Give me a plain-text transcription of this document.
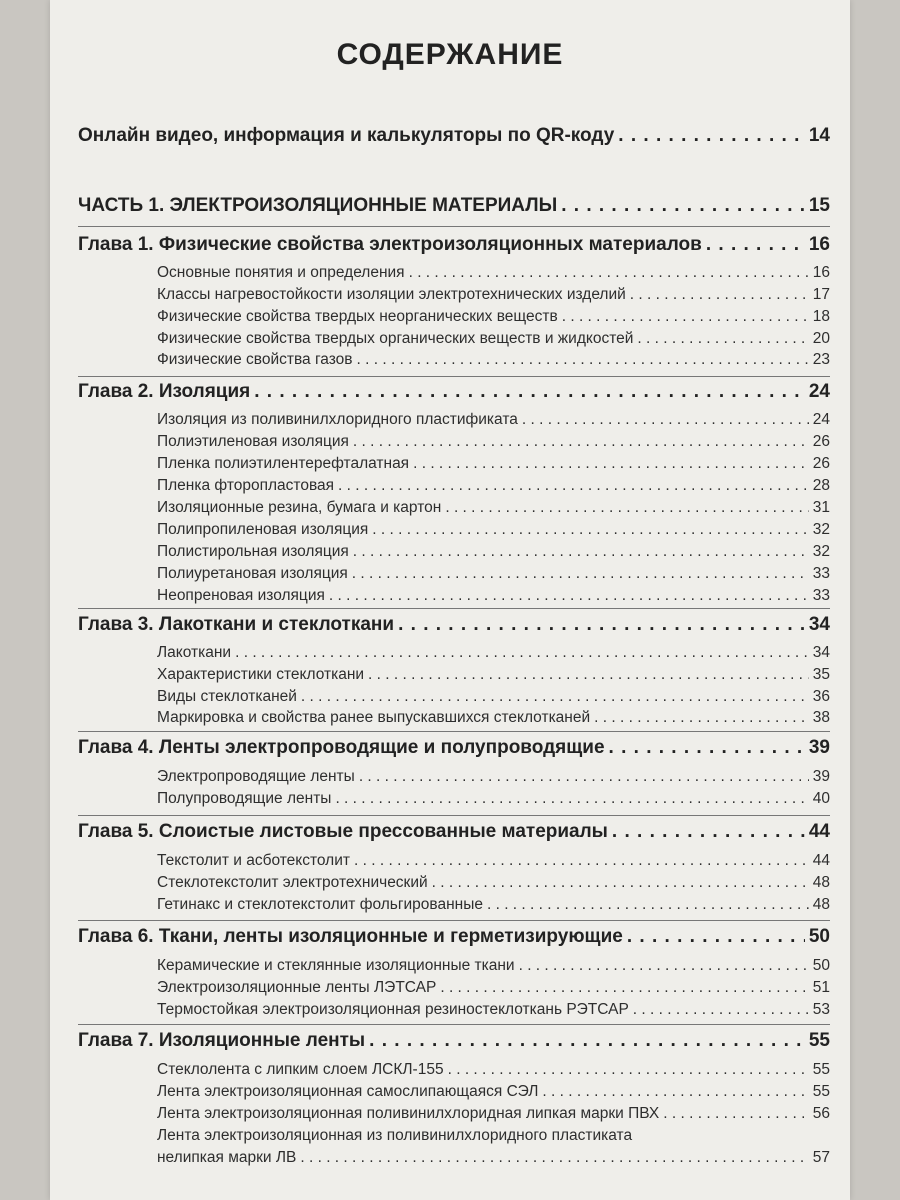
СОДЕРЖАНИЕ
Онлайн видео, информация и калькуляторы по QR-коду . . .	14
ЧАСТЬ 1. ЭЛЕКТРОИЗОЛЯЦИОННЫЕ МАТЕРИАЛЫ . . .	15
Глава 1. Физические свойства электроизоляционных материалов . . .	16
Основные понятия и определения . . .	16
Классы нагревостойкости изоляции электротехнических изделий . . .	17
Физические свойства твердых неорганических веществ . . .	18
Физические свойства твердых органических веществ и жидкостей . . .	20
Физические свойства газов . . .	23
Глава 2. Изоляция . . .	24
Изоляция из поливинилхлоридного пластификата . . .	24
Полиэтиленовая изоляция . . .	26
Пленка полиэтилентерефталатная . . .	26
Пленка фторопластовая . . .	28
Изоляционные резина, бумага и картон . . .	31
Полипропиленовая изоляция . . .	32
Полистирольная изоляция . . .	32
Полиуретановая изоляция . . .	33
Неопреновая изоляция . . .	33
Глава 3. Лакоткани и стеклоткани . . .	34
Лакоткани . . .	34
Характеристики стеклоткани . . .	35
Виды стеклотканей . . .	36
Маркировка и свойства ранее выпускавшихся стеклотканей . . .	38
Глава 4. Ленты электропроводящие и полупроводящие . . .	39
Электропроводящие ленты . . .	39
Полупроводящие ленты . . .	40
Глава 5. Слоистые листовые прессованные материалы . . .	44
Текстолит и асботекстолит . . .	44
Стеклотекстолит электротехнический . . .	48
Гетинакс и стеклотекстолит фольгированные . . .	48
Глава 6. Ткани, ленты изоляционные и герметизирующие . . .	50
Керамические и стеклянные изоляционные ткани . . .	50
Электроизоляционные ленты ЛЭТСАР . . .	51
Термостойкая электроизоляционная резиностеклоткань РЭТСАР . . .	53
Глава 7. Изоляционные ленты . . .	55
Стеклолента с липким слоем ЛСКЛ-155 . . .	55
Лента электроизоляционная самослипающаяся СЭЛ . . .	55
Лента электроизоляционная поливинилхлоридная липкая марки ПВХ . . .	56
Лента электроизоляционная из поливинилхлоридного пластиката
нелипкая марки ЛВ . . .	57
